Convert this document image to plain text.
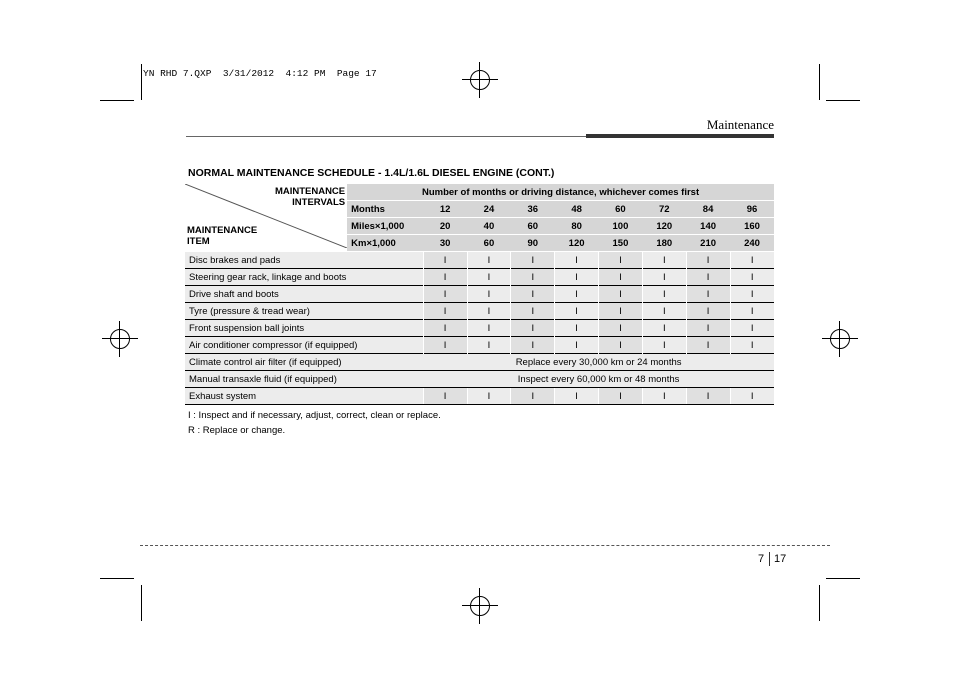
YN RHD 7.QXP  3/31/2012  4:12 PM  Page 17
Maintenance
NORMAL MAINTENANCE SCHEDULE - 1.4L/1.6L DIESEL ENGINE (CONT.)
MAINTENANCE
INTERVALS
MAINTENANCE
ITEM	Number of months or driving distance, whichever comes first								
	Months	12	24	36	48	60	72	84	96
	Miles×1,000	20	40	60	80	100	120	140	160
	Km×1,000	30	60	90	120	150	180	210	240
Disc brakes and pads		I	I	I	I	I	I	I	I
Steering gear rack, linkage and boots		I	I	I	I	I	I	I	I
Drive shaft and boots		I	I	I	I	I	I	I	I
Tyre (pressure & tread wear)		I	I	I	I	I	I	I	I
Front suspension ball joints		I	I	I	I	I	I	I	I
Air conditioner compressor (if equipped)		I	I	I	I	I	I	I	I
Climate control air filter (if equipped)		Replace every 30,000 km or 24 months							
Manual transaxle fluid (if equipped)		Inspect every 60,000 km or 48 months							
Exhaust system		I	I	I	I	I	I	I	I
I : Inspect and if necessary, adjust, correct, clean or replace.
R : Replace or change.
7 17
